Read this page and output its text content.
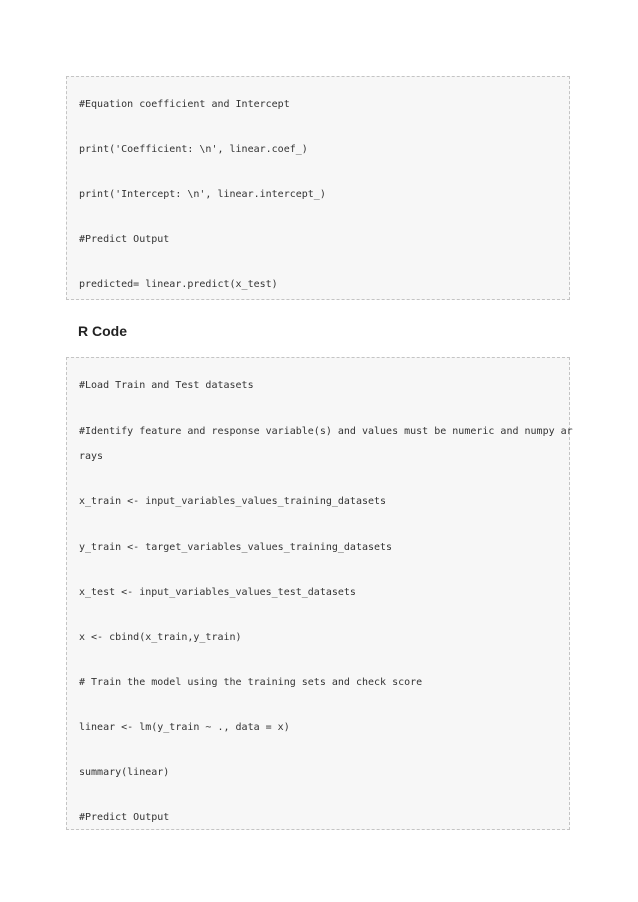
#Equation coefficient and Intercept

print('Coefficient: \n', linear.coef_)

print('Intercept: \n', linear.intercept_)

#Predict Output

predicted= linear.predict(x_test)

R Code

#Load Train and Test datasets

#Identify feature and response variable(s) and values must be numeric and numpy ar

rays

x_train <- input_variables_values_training_datasets

y_train <- target_variables_values_training_datasets

x_test <- input_variables_values_test_datasets

x <- cbind(x_train,y_train)

# Train the model using the training sets and check score

linear <- lm(y_train ~ ., data = x)

summary(linear)

#Predict Output
